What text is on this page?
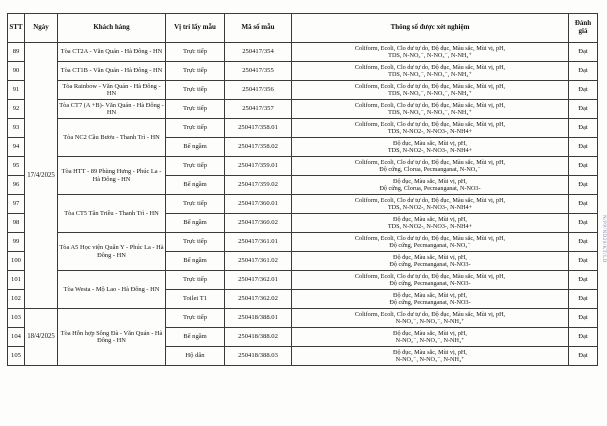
STT	Ngày	Khách hàng	Vị trí lấy mẫu	Mã số mẫu	Thông số được xét nghiệm	Đánh giá
89	17/4/2025	Tòa CT2A - Văn Quán - Hà Đông - HN	Trực tiếp	250417/354	Coliform, Ecoli, Clo dư tự do, Độ đục, Màu sắc, Mùi vị, pH,
TDS, N-NO₂⁻, N-NO₃⁻, N-NH₄⁺	Đạt
90		Tòa CT1B - Văn Quán - Hà Đông - HN	Trực tiếp	250417/355	Coliform, Ecoli, Clo dư tự do, Độ đục, Màu sắc, Mùi vị, pH,
TDS, N-NO₂⁻, N-NO₃⁻, N-NH₄⁺	Đạt
91		Tòa Rainbow - Văn Quán - Hà Đông - HN	Trực tiếp	250417/356	Coliform, Ecoli, Clo dư tự do, Độ đục, Màu sắc, Mùi vị, pH,
TDS, N-NO₂⁻, N-NO₃⁻, N-NH₄⁺	Đạt
92		Tòa CT7 (A +B)- Văn Quán - Hà Đông - HN	Trực tiếp	250417/357	Coliform, Ecoli, Clo dư tự do, Độ đục, Màu sắc, Mùi vị, pH,
TDS, N-NO₂⁻, N-NO₃⁻, N-NH₄⁺	Đạt
93		Tòa NC2 Cầu Bươu - Thanh Trì - HN	Trực tiếp	250417/358.01	Coliform, Ecoli, Clo dư tự do, Độ đục, Màu sắc, Mùi vị, pH,
TDS, N-NO2-, N-NO3-, N-NH4+	Đạt
94			Bể ngầm	250417/358.02	Độ đục, Màu sắc, Mùi vị, pH,
TDS, N-NO2-, N-NO3-, N-NH4+	Đạt
95		Tòa HTT - 89 Phùng Hưng - Phúc La - Hà Đông - HN	Trực tiếp	250417/359.01	Coliform, Ecoli, Clo dư tự do, Độ đục, Màu sắc, Mùi vị, pH,
Độ cứng, Clorua, Pecmanganat, N-NO₃⁻	Đạt
96			Bể ngầm	250417/359.02	Độ đục, Màu sắc, Mùi vị, pH,
Độ cứng, Clorua, Pecmanganat, N-NO3-	Đạt
97		Tòa CT5 Tân Triều - Thanh Trì - HN	Trực tiếp	250417/360.01	Coliform, Ecoli, Clo dư tự do, Độ đục, Màu sắc, Mùi vị, pH,
TDS, N-NO2-, N-NO3-, N-NH4+	Đạt
98			Bể ngầm	250417/360.02	Độ đục, Màu sắc, Mùi vị, pH,
TDS, N-NO2-, N-NO3-, N-NH4+	Đạt
99		Tòa A5 Học viện Quân Y - Phúc La - Hà Đông - HN	Trực tiếp	250417/361.01	Coliform, Ecoli, Clo dư tự do, Độ đục, Màu sắc, Mùi vị, pH,
Độ cứng, Pecmanganat, N-NO₃⁻	Đạt
100			Bể ngầm	250417/361.02	Độ đục, Màu sắc, Mùi vị, pH,
Độ cứng, Pecmanganat, N-NO3-	Đạt
101		Tòa Westa - Mộ Lao - Hà Đông - HN	Trực tiếp	250417/362.01	Coliform, Ecoli, Clo dư tự do, Độ đục, Màu sắc, Mùi vị, pH,
Độ cứng, Pecmanganat, N-NO3-	Đạt
102			Toilet T1	250417/362.02	Độ đục, Màu sắc, Mùi vị, pH,
Độ cứng, Pecmanganat, N-NO3-	Đạt
103	18/4/2025	Tòa Hỗn hợp Sông Đà - Văn Quán - Hà Đông - HN	Trực tiếp	250418/388.01	Coliform, Ecoli, Clo dư tự do, Độ đục, Màu sắc, Mùi vị, pH,
N-NO₂⁻, N-NO₃⁻, N-NH₄⁺	Đạt
104			Bể ngầm	250418/388.02	Độ đục, Màu sắc, Mùi vị, pH,
N-NO₂⁻, N-NO₃⁻, N-NH₄⁺	Đạt
105			Hộ dân	250418/388.03	Độ đục, Màu sắc, Mùi vị, pH,
N-NO₂⁻, N-NO₃⁻, N-NH₄⁺	Đạt
N/PP/ND20/KT/LD
